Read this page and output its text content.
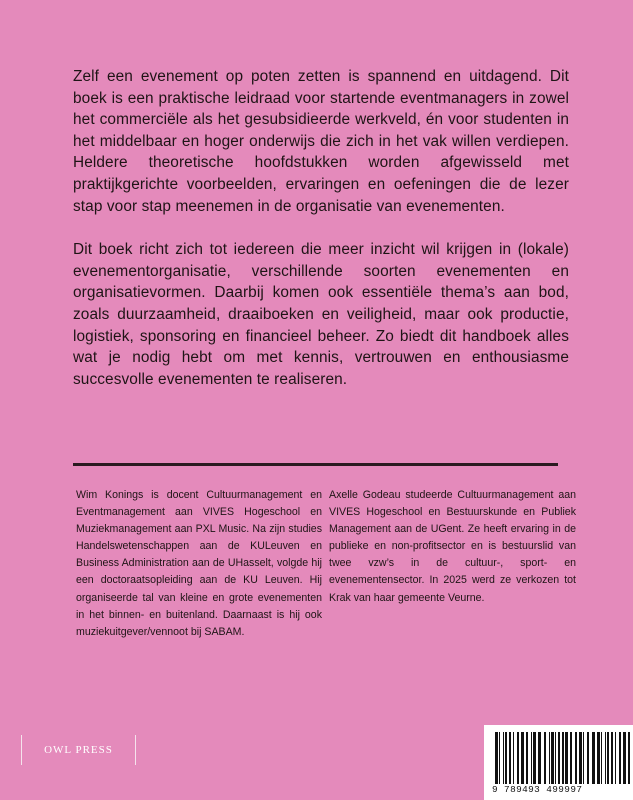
Zelf een evenement op poten zetten is spannend en uitdagend. Dit boek is een praktische leidraad voor startende eventmanagers in zowel het commerciële als het gesubsidieerde werkveld, én voor studenten in het middelbaar en hoger onderwijs die zich in het vak willen verdiepen. Heldere theoretische hoofdstukken worden afgewisseld met praktijkgerichte voorbeelden, ervaringen en oefeningen die de lezer stap voor stap meenemen in de organisatie van evenementen.

Dit boek richt zich tot iedereen die meer inzicht wil krijgen in (lokale) evenementorganisatie, verschillende soorten evenementen en organisatievormen. Daarbij komen ook essentiële thema’s aan bod, zoals duurzaamheid, draaiboeken en veiligheid, maar ook productie, logistiek, sponsoring en financieel beheer. Zo biedt dit handboek alles wat je nodig hebt om met kennis, vertrouwen en enthousiasme succesvolle evenementen te realiseren.

Wim Konings is docent Cultuurmanagement en Eventmanagement aan VIVES Hogeschool en Muziekmanagement aan PXL Music. Na zijn studies Handelswetenschappen aan de KULeuven en Business Administration aan de UHasselt, volgde hij een doctoraatsopleiding aan de KU Leuven. Hij organiseerde tal van kleine en grote evenementen in het binnen- en buitenland. Daarnaast is hij ook muziekuitgever/vennoot bij SABAM.

Axelle Godeau studeerde Cultuurmanagement aan VIVES Hogeschool en Bestuurskunde en Publiek Management aan de UGent. Ze heeft ervaring in de publieke en non-profitsector en is bestuurslid van twee vzw’s in de cultuur-, sport- en evenementensector. In 2025 werd ze verkozen tot Krak van haar gemeente Veurne.

OWL PRESS
9 789493 499997
